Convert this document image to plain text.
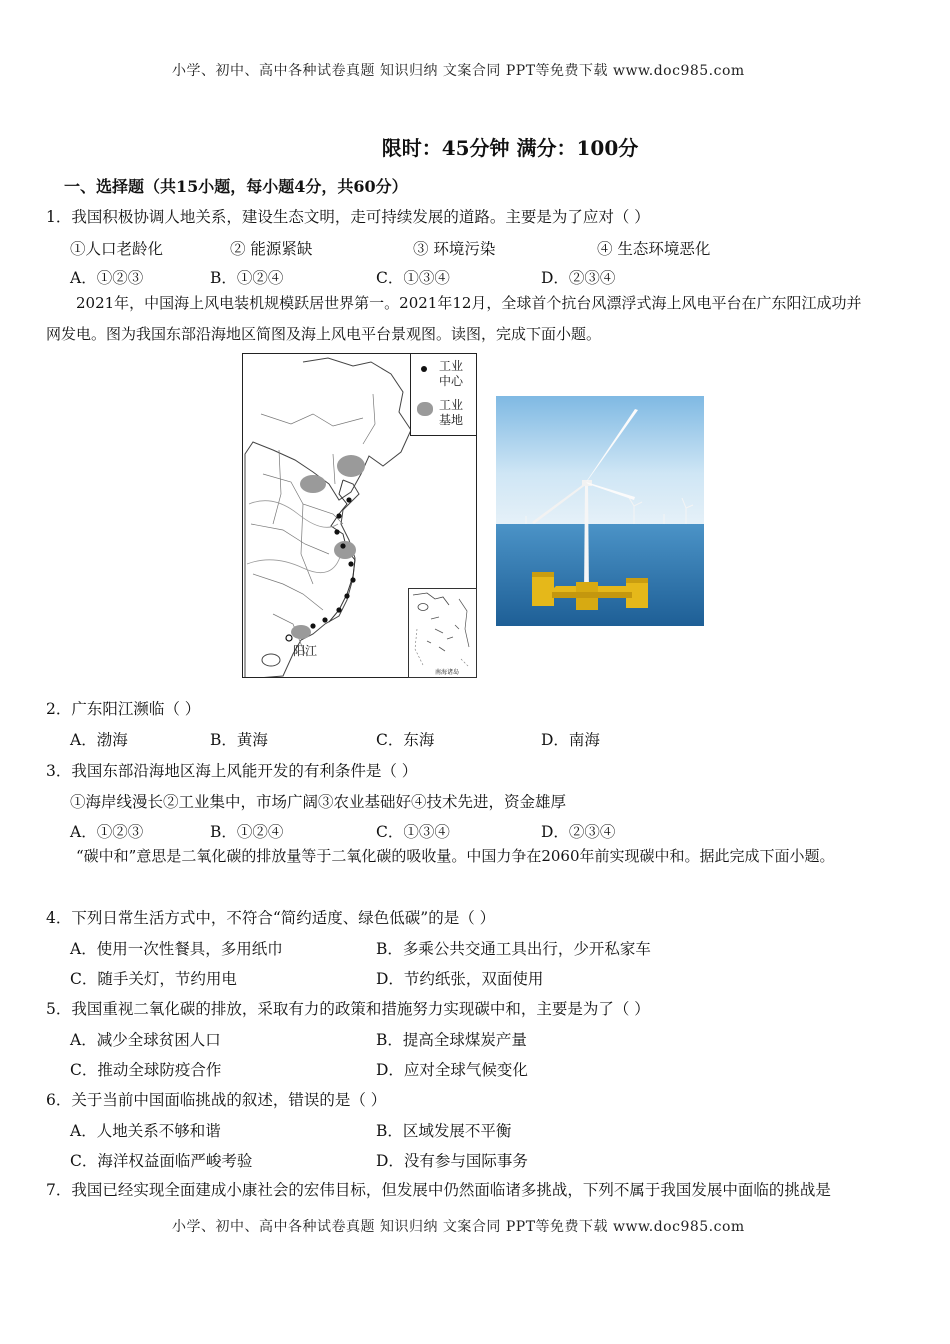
小学、初中、高中各种试卷真题 知识归纳 文案合同 PPT等免费下载 www.doc985.com
限时：45分钟 满分：100分
一、选择题（共15小题，每小题4分，共60分）
1．我国积极协调人地关系，建设生态文明，走可持续发展的道路。主要是为了应对（ ）
①人口老龄化	② 能源紧缺	③ 环境污染	④ 生态环境恶化
A．①②③	B．①②④	C．①③④	D．②③④
2021年，中国海上风电装机规模跃居世界第一。2021年12月，全球首个抗台风漂浮式海上风电平台在广东阳江成功并网发电。图为我国东部沿海地区简图及海上风电平台景观图。读图，完成下面小题。
阳江
工业
中心
工业
基地
南海诸岛
2．广东阳江濒临（ ）
A．渤海	B．黄海	C．东海	D．南海
3．我国东部沿海地区海上风能开发的有利条件是（ ）
①海岸线漫长②工业集中，市场广阔③农业基础好④技术先进，资金雄厚
A．①②③	B．①②④	C．①③④	D．②③④
“碳中和”意思是二氧化碳的排放量等于二氧化碳的吸收量。中国力争在2060年前实现碳中和。据此完成下面小题。
4．下列日常生活方式中，不符合“简约适度、绿色低碳”的是（ ）
A．使用一次性餐具，多用纸巾	B．多乘公共交通工具出行，少开私家车
C．随手关灯，节约用电	D．节约纸张，双面使用
5．我国重视二氧化碳的排放，采取有力的政策和措施努力实现碳中和，主要是为了（ ）
A．减少全球贫困人口	B．提高全球煤炭产量
C．推动全球防疫合作	D．应对全球气候变化
6．关于当前中国面临挑战的叙述，错误的是（ ）
A．人地关系不够和谐	B．区域发展不平衡
C．海洋权益面临严峻考验	D．没有参与国际事务
7．我国已经实现全面建成小康社会的宏伟目标，但发展中仍然面临诸多挑战，下列不属于我国发展中面临的挑战是
小学、初中、高中各种试卷真题 知识归纳 文案合同 PPT等免费下载 www.doc985.com
